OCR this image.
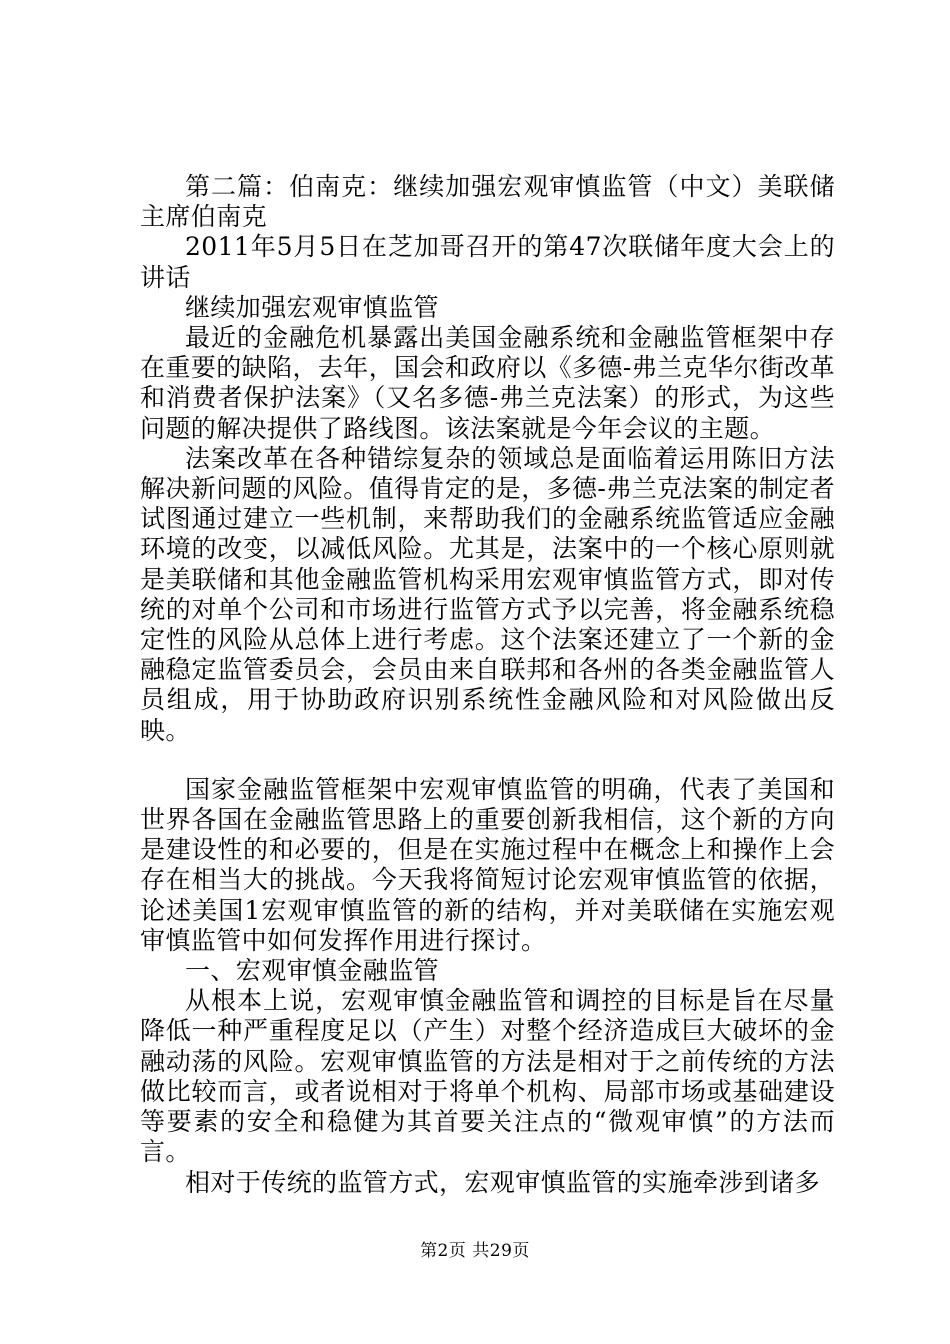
第二篇：伯南克：继续加强宏观审慎监管（中文）美联储主席伯南克

2011年5月5日在芝加哥召开的第47次联储年度大会上的讲话

继续加强宏观审慎监管

最近的金融危机暴露出美国金融系统和金融监管框架中存在重要的缺陷，去年，国会和政府以《多德-弗兰克华尔街改革和消费者保护法案》（又名多德-弗兰克法案）的形式，为这些问题的解决提供了路线图。该法案就是今年会议的主题。

法案改革在各种错综复杂的领域总是面临着运用陈旧方法解决新问题的风险。值得肯定的是，多德-弗兰克法案的制定者试图通过建立一些机制，来帮助我们的金融系统监管适应金融环境的改变，以减低风险。尤其是，法案中的一个核心原则就是美联储和其他金融监管机构采用宏观审慎监管方式，即对传统的对单个公司和市场进行监管方式予以完善，将金融系统稳定性的风险从总体上进行考虑。这个法案还建立了一个新的金融稳定监管委员会，会员由来自联邦和各州的各类金融监管人员组成，用于协助政府识别系统性金融风险和对风险做出反映。

国家金融监管框架中宏观审慎监管的明确，代表了美国和世界各国在金融监管思路上的重要创新我相信，这个新的方向是建设性的和必要的，但是在实施过程中在概念上和操作上会存在相当大的挑战。今天我将简短讨论宏观审慎监管的依据，论述美国1宏观审慎监管的新的结构，并对美联储在实施宏观审慎监管中如何发挥作用进行探讨。

一、宏观审慎金融监管

从根本上说，宏观审慎金融监管和调控的目标是旨在尽量降低一种严重程度足以（产生）对整个经济造成巨大破坏的金融动荡的风险。宏观审慎监管的方法是相对于之前传统的方法做比较而言，或者说相对于将单个机构、局部市场或基础建设等要素的安全和稳健为其首要关注点的“微观审慎”的方法而言。

相对于传统的监管方式，宏观审慎监管的实施牵涉到诸多

第2页 共29页
